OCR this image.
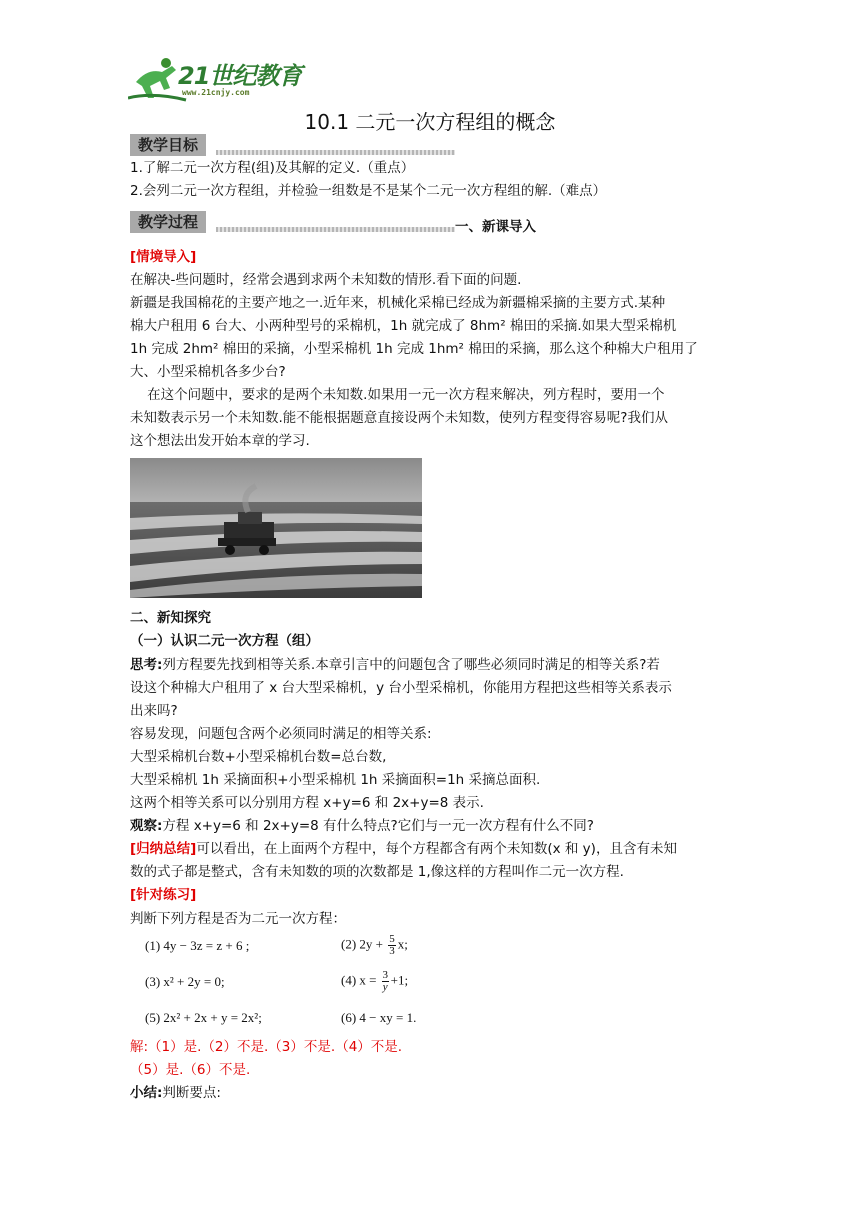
21世纪教育
www.21cnjy.com
10.1 二元一次方程组的概念
教学目标
1.了解二元一次方程(组)及其解的定义.（重点）
2.会列二元一次方程组，并检验一组数是不是某个二元一次方程组的解.（难点）
教学过程	一、新课导入
[情境导入]
在解决-些问题时，经常会遇到求两个未知数的情形.看下面的问题.
新疆是我国棉花的主要产地之一.近年来，机械化采棉已经成为新疆棉采摘的主要方式.某种
棉大户租用 6 台大、小两种型号的采棉机，1h 就完成了 8hm² 棉田的采摘.如果大型采棉机
1h 完成 2hm² 棉田的采摘，小型采棉机 1h 完成 1hm² 棉田的采摘，那么这个种棉大户租用了
大、小型采棉机各多少台?
在这个问题中，要求的是两个未知数.如果用一元一次方程来解决，列方程时，要用一个
未知数表示另一个未知数.能不能根据题意直接设两个未知数，使列方程变得容易呢?我们从
这个想法出发开始本章的学习.
二、新知探究
（一）认识二元一次方程（组）
思考:列方程要先找到相等关系.本章引言中的问题包含了哪些必须同时满足的相等关系?若
设这个种棉大户租用了 x 台大型采棉机，y 台小型采棉机，你能用方程把这些相等关系表示
出来吗?
容易发现，问题包含两个必须同时满足的相等关系:
大型采棉机台数+小型采棉机台数=总台数,
大型采棉机 1h 采摘面积+小型采棉机 1h 采摘面积=1h 采摘总面积.
这两个相等关系可以分别用方程 x+y=6 和 2x+y=8 表示.
观察:方程 x+y=6 和 2x+y=8 有什么特点?它们与一元一次方程有什么不同?
[归纳总结]可以看出，在上面两个方程中，每个方程都含有两个未知数(x 和 y)，且含有未知
数的式子都是整式，含有未知数的项的次数都是 1,像这样的方程叫作二元一次方程.
[针对练习]
判断下列方程是否为二元一次方程：
(1) 4y − 3z = z + 6 ;	(2) $2y + \frac{5}{3} x$;
(3) x² + 2y = 0;	(4) $x = \frac{3}{y} +1$;
(5) 2x² + 2x + y = 2x²;	(6) 4 − xy = 1.
解:（1）是.（2）不是.（3）不是.（4）不是.
（5）是.（6）不是.
小结:判断要点:
